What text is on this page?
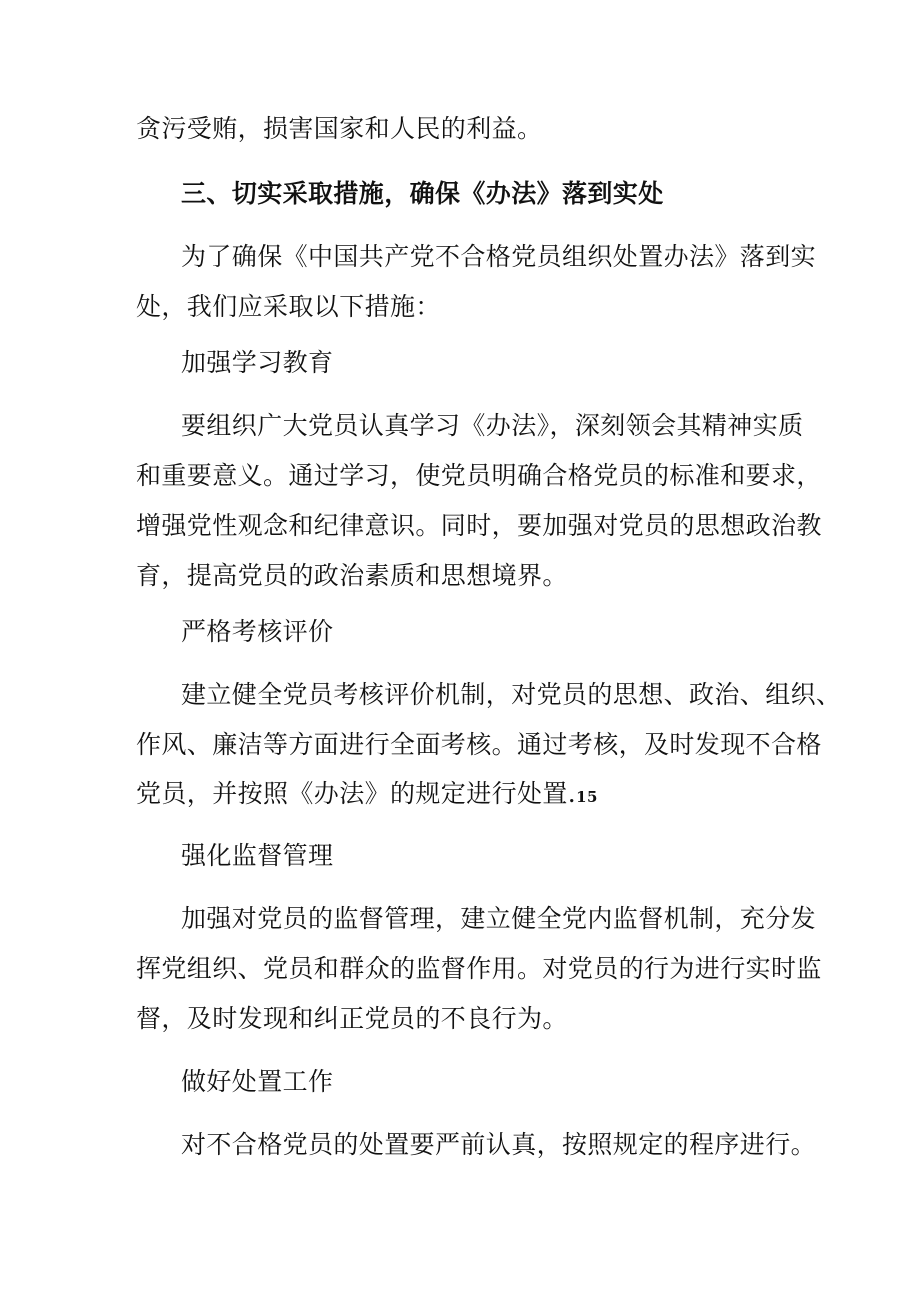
贪污受贿，损害国家和人民的利益。
三、切实采取措施，确保《办法》落到实处
为了确保《中国共产党不合格党员组织处置办法》落到实
处，我们应采取以下措施：
加强学习教育
要组织广大党员认真学习《办法》，深刻领会其精神实质
和重要意义。通过学习，使党员明确合格党员的标准和要求，
增强党性观念和纪律意识。同时，要加强对党员的思想政治教
育，提高党员的政治素质和思想境界。
严格考核评价
建立健全党员考核评价机制，对党员的思想、政治、组织、
作风、廉洁等方面进行全面考核。通过考核，及时发现不合格
党员，并按照《办法》的规定进行处置.15
强化监督管理
加强对党员的监督管理，建立健全党内监督机制，充分发
挥党组织、党员和群众的监督作用。对党员的行为进行实时监
督，及时发现和纠正党员的不良行为。
做好处置工作
对不合格党员的处置要严前认真，按照规定的程序进行。
